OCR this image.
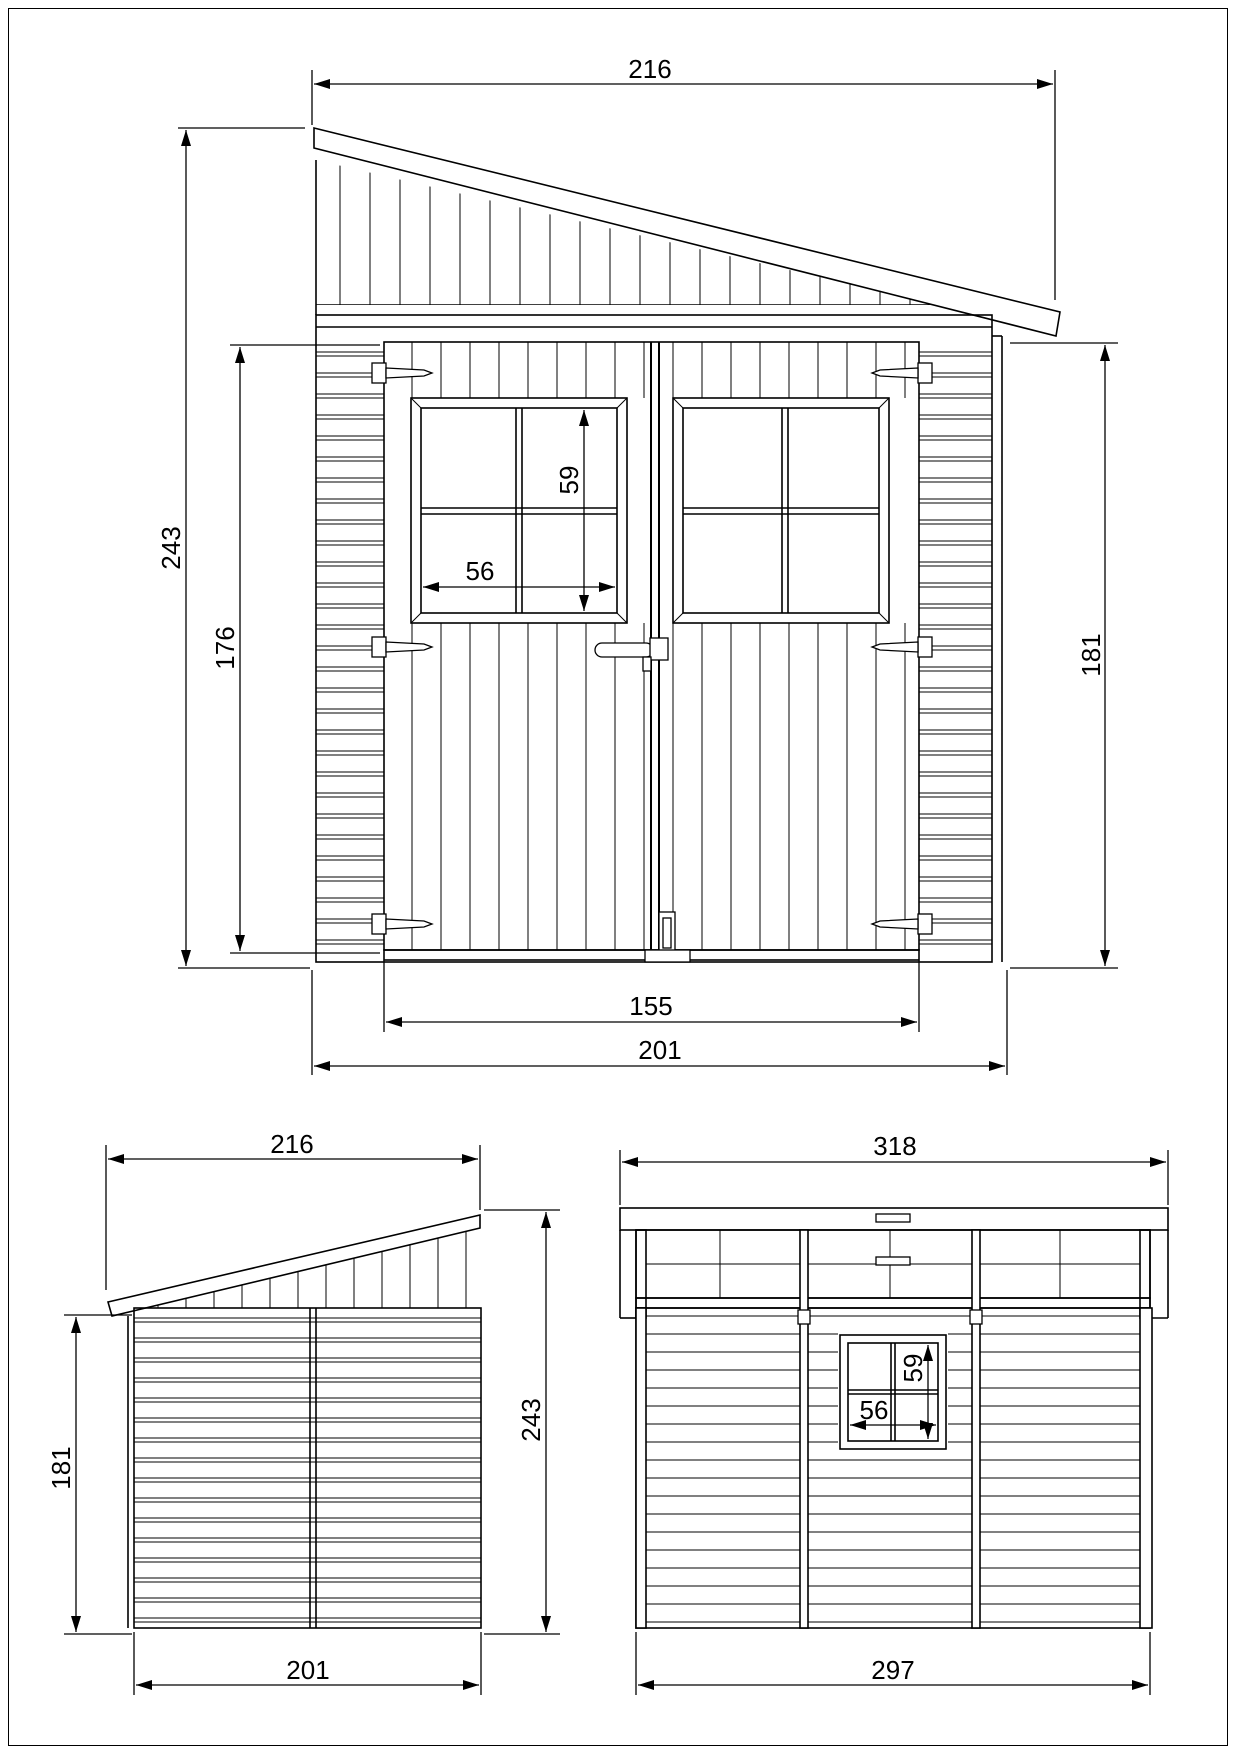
216
243
176	181
155
201
59
56
216
181
243
201
318
59
56
297
